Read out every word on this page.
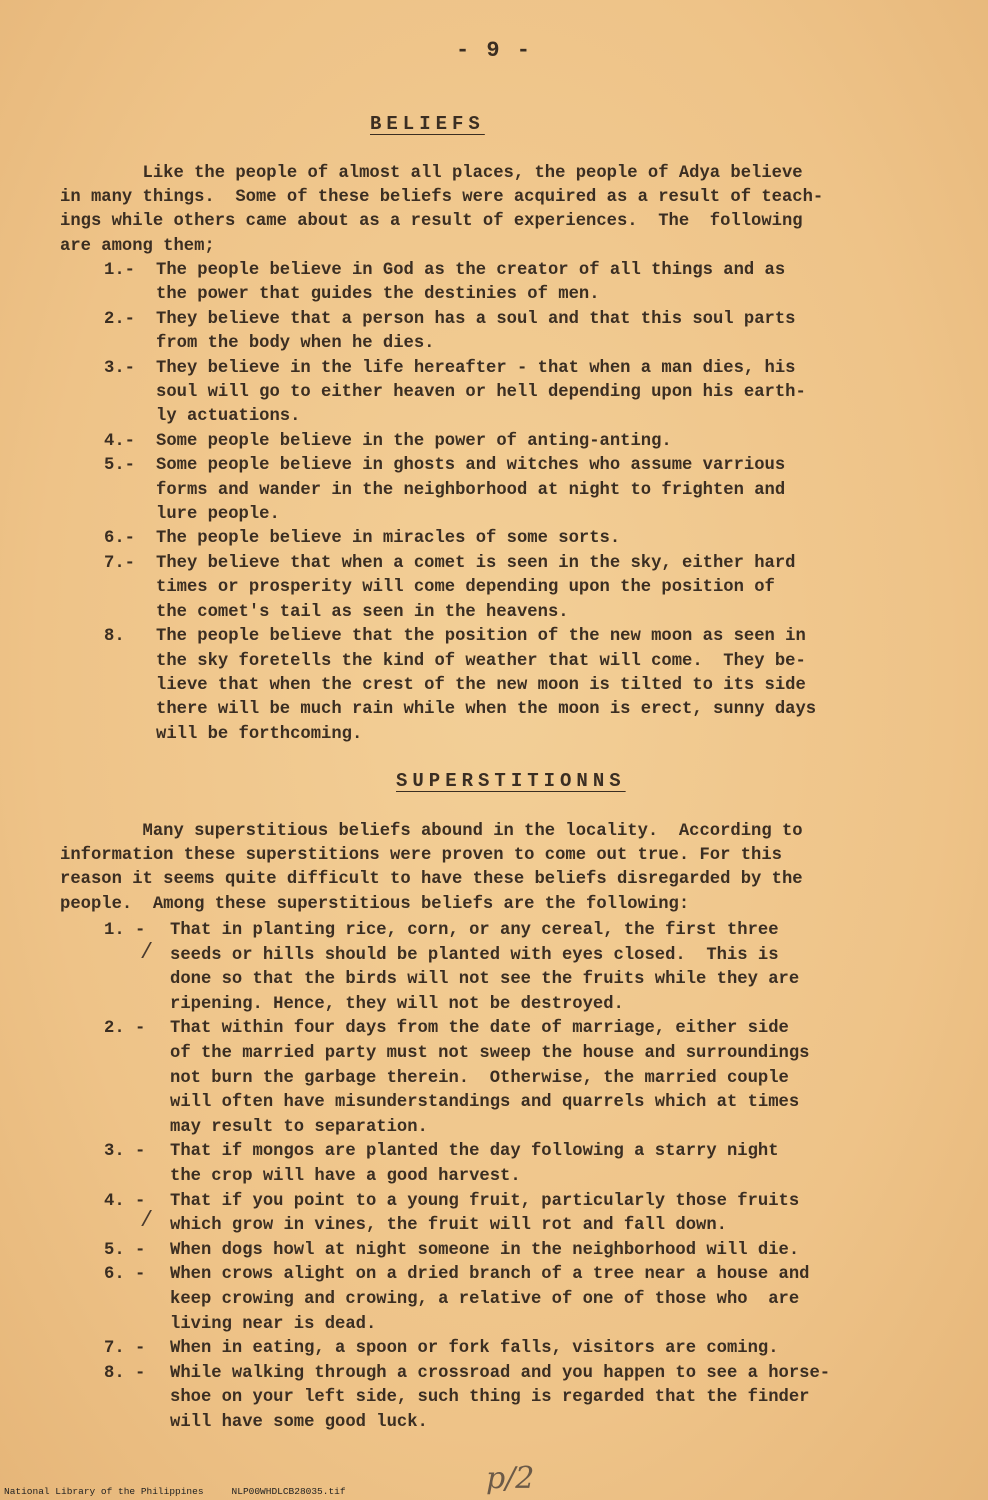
- 9 -
BELIEFS
Like the people of almost all places, the people of Adya believe
in many things.  Some of these beliefs were acquired as a result of teach-
ings while others came about as a result of experiences.  The  following
are among them;
1.- The people believe in God as the creator of all things and as
the power that guides the destinies of men.
2.- They believe that a person has a soul and that this soul parts
from the body when he dies.
3.- They believe in the life hereafter - that when a man dies, his
soul will go to either heaven or hell depending upon his earth-
ly actuations.
4.- Some people believe in the power of anting-anting.
5.- Some people believe in ghosts and witches who assume varrious
forms and wander in the neighborhood at night to frighten and
lure people.
6.- The people believe in miracles of some sorts.
7.- They believe that when a comet is seen in the sky, either hard
times or prosperity will come depending upon the position of
the comet's tail as seen in the heavens.
8. The people believe that the position of the new moon as seen in
the sky foretells the kind of weather that will come.  They be-
lieve that when the crest of the new moon is tilted to its side
there will be much rain while when the moon is erect, sunny days
will be forthcoming.
SUPERSTITIONNS
Many superstitious beliefs abound in the locality.  According to
information these superstitions were proven to come out true. For this
reason it seems quite difficult to have these beliefs disregarded by the
people.  Among these superstitious beliefs are the following:
/
/
1. - That in planting rice, corn, or any cereal, the first three
seeds or hills should be planted with eyes closed.  This is
done so that the birds will not see the fruits while they are
ripening. Hence, they will not be destroyed.
2. - That within four days from the date of marriage, either side
of the married party must not sweep the house and surroundings
not burn the garbage therein.  Otherwise, the married couple
will often have misunderstandings and quarrels which at times
may result to separation.
3. - That if mongos are planted the day following a starry night
the crop will have a good harvest.
4. - That if you point to a young fruit, particularly those fruits
which grow in vines, the fruit will rot and fall down.
5. - When dogs howl at night someone in the neighborhood will die.
6. - When crows alight on a dried branch of a tree near a house and
keep crowing and crowing, a relative of one of those who  are
living near is dead.
7. - When in eating, a spoon or fork falls, visitors are coming.
8. - While walking through a crossroad and you happen to see a horse-
shoe on your left side, such thing is regarded that the finder
will have some good luck.
p/2
National Library of the Philippines	NLP00WHDLCB28035.tif
